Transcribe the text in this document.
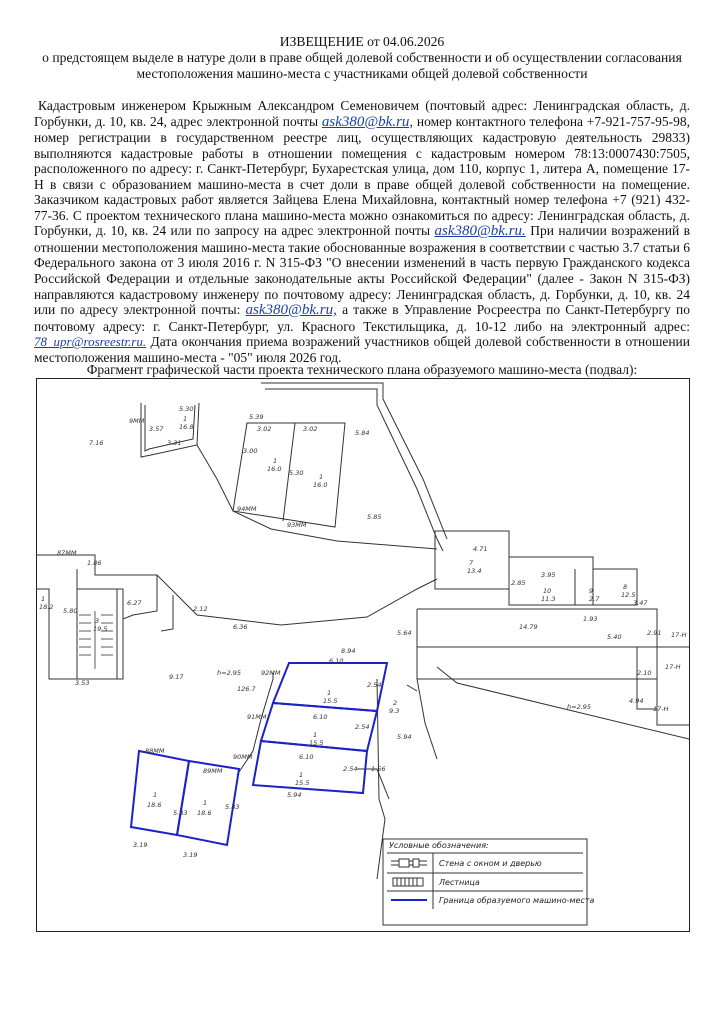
ИЗВЕЩЕНИЕ от 04.06.2026
о предстоящем выделе в натуре доли в праве общей долевой собственности и об осуществлении согласования
местоположения машино-места с участниками общей долевой собственности
Кадастровым инженером Крыжным Александром Семеновичем (почтовый адрес: Ленинградская область, д. Горбунки, д. 10, кв. 24, адрес электронной почты ask380@bk.ru, номер контактного телефона +7-921-757-95-98, номер регистрации в государственном реестре лиц, осуществляющих кадастровую деятельность 29833) выполняются кадастровые работы в отношении помещения с кадастровым номером 78:13:0007430:7505, расположенного по адресу: г. Санкт-Петербург, Бухарестская улица, дом 110, корпус 1, литера А, помещение 17-Н в связи с образованием машино-места в счет доли в праве общей долевой собственности на помещение. Заказчиком кадастровых работ является Зайцева Елена Михайловна, контактный номер телефона +7 (921) 432-77-36. С проектом технического плана машино-места можно ознакомиться по адресу: Ленинградская область, д. Горбунки, д. 10, кв. 24 или по запросу на адрес электронной почты ask380@bk.ru. При наличии возражений в отношении местоположения машино-места такие обоснованные возражения в соответствии с частью 3.7 статьи 6 Федерального закона от 3 июля 2016 г. N 315-ФЗ "О внесении изменений в часть первую Гражданского кодекса Российской Федерации и отдельные законодательные акты Российской Федерации" (далее - Закон N 315-ФЗ) направляются кадастровому инженеру по почтовому адресу: Ленинградская область, д. Горбунки, д. 10, кв. 24 или по адресу электронной почты: ask380@bk.ru, а также в Управление Росреестра по Санкт-Петербургу по почтовому адресу: г. Санкт-Петербург, ул. Красного Текстильщика, д. 10-12 либо на электронный адрес: 78_upr@rosreestr.ru. Дата окончания приема возражений участников общей долевой собственности в отношении местоположения машино-места - "05" июля 2026 год.
Фрагмент графической части проекта технического плана образуемого машино-места (подвал):
Условные обозначения:
Стена с окном и дверью
Лестница
Граница образуемого машино-места
5.30
1
16.8
9ММ
3.57
3.31
7.16
5.39
3.00
3.02	3.02
1
16.0
1
16.0
5.30
5.84
94ММ
93ММ
5.85
4.71
7
13.4
2.85
3.95
10
11.3
9
2.7
8
12.5
3.47
1.93
14.79
5.40	2.91 17-Н
17-Н
17-Н
87ММ
1.86
1
18.2 5.80
3
19.5
6.27
2.12
3.53
6.36
8.94
6.10
9.17	h=2.95
126.7
92ММ
91ММ
90ММ
1
15.5
1
15.5
1
15.5
6.10
6.10
5.94
2.54
2.54
2.54 1.56
2
9.3
5.64
5.94
h=2.95
88ММ
89ММ
1
18.6	1
18.6
5.83
5.83
3.19
3.19
4.94
2.10
